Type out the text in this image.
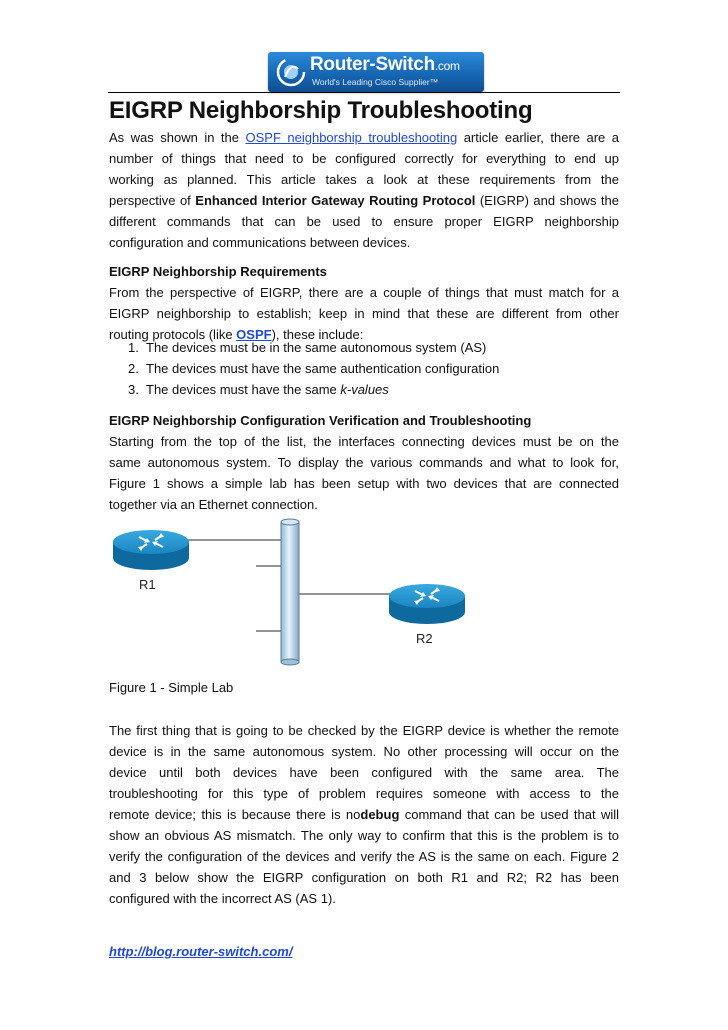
Router-Switch.com
World's Leading Cisco Supplier™
EIGRP Neighborship Troubleshooting
As was shown in the OSPF neighborship troubleshooting article earlier, there are a
number of things that need to be configured correctly for everything to end up
working as planned. This article takes a look at these requirements from the
perspective of Enhanced Interior Gateway Routing Protocol (EIGRP) and shows the
different commands that can be used to ensure proper EIGRP neighborship
configuration and communications between devices.
EIGRP Neighborship Requirements
From the perspective of EIGRP, there are a couple of things that must match for a
EIGRP neighborship to establish; keep in mind that these are different from other
routing protocols (like OSPF), these include:
1. The devices must be in the same autonomous system (AS)
2. The devices must have the same authentication configuration
3. The devices must have the same k-values
EIGRP Neighborship Configuration Verification and Troubleshooting
Starting from the top of the list, the interfaces connecting devices must be on the
same autonomous system. To display the various commands and what to look for,
Figure 1 shows a simple lab has been setup with two devices that are connected
together via an Ethernet connection.
R1
R2
Figure 1 - Simple Lab
The first thing that is going to be checked by the EIGRP device is whether the remote
device is in the same autonomous system. No other processing will occur on the
device until both devices have been configured with the same area. The
troubleshooting for this type of problem requires someone with access to the
remote device; this is because there is nodebug command that can be used that will
show an obvious AS mismatch. The only way to confirm that this is the problem is to
verify the configuration of the devices and verify the AS is the same on each. Figure 2
and 3 below show the EIGRP configuration on both R1 and R2; R2 has been
configured with the incorrect AS (AS 1).
http://blog.router-switch.com/
